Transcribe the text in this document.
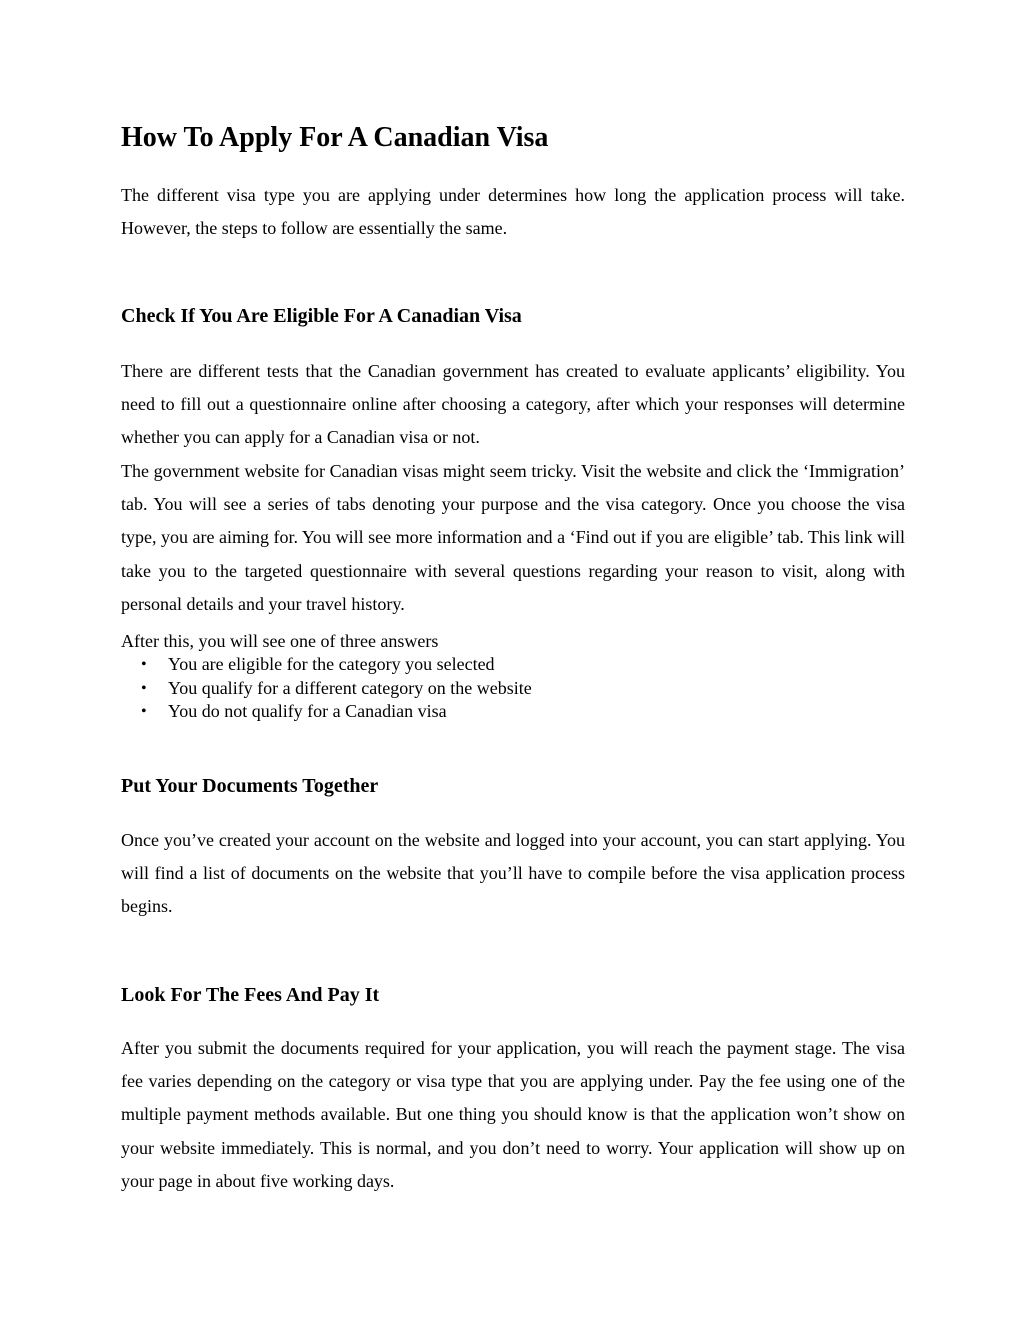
How To Apply For A Canadian Visa

The different visa type you are applying under determines how long the application process will take. However, the steps to follow are essentially the same.

Check If You Are Eligible For A Canadian Visa

There are different tests that the Canadian government has created to evaluate applicants’ eligibility. You need to fill out a questionnaire online after choosing a category, after which your responses will determine whether you can apply for a Canadian visa or not.

The government website for Canadian visas might seem tricky. Visit the website and click the ‘Immigration’ tab. You will see a series of tabs denoting your purpose and the visa category. Once you choose the visa type, you are aiming for. You will see more information and a ‘Find out if you are eligible’ tab. This link will take you to the targeted questionnaire with several questions regarding your reason to visit, along with personal details and your travel history.

After this, you will see one of three answers

• You are eligible for the category you selected
• You qualify for a different category on the website
• You do not qualify for a Canadian visa
Put Your Documents Together

Once you’ve created your account on the website and logged into your account, you can start applying. You will find a list of documents on the website that you’ll have to compile before the visa application process begins.

Look For The Fees And Pay It

After you submit the documents required for your application, you will reach the payment stage. The visa fee varies depending on the category or visa type that you are applying under. Pay the fee using one of the multiple payment methods available. But one thing you should know is that the application won’t show on your website immediately. This is normal, and you don’t need to worry. Your application will show up on your page in about five working days.
